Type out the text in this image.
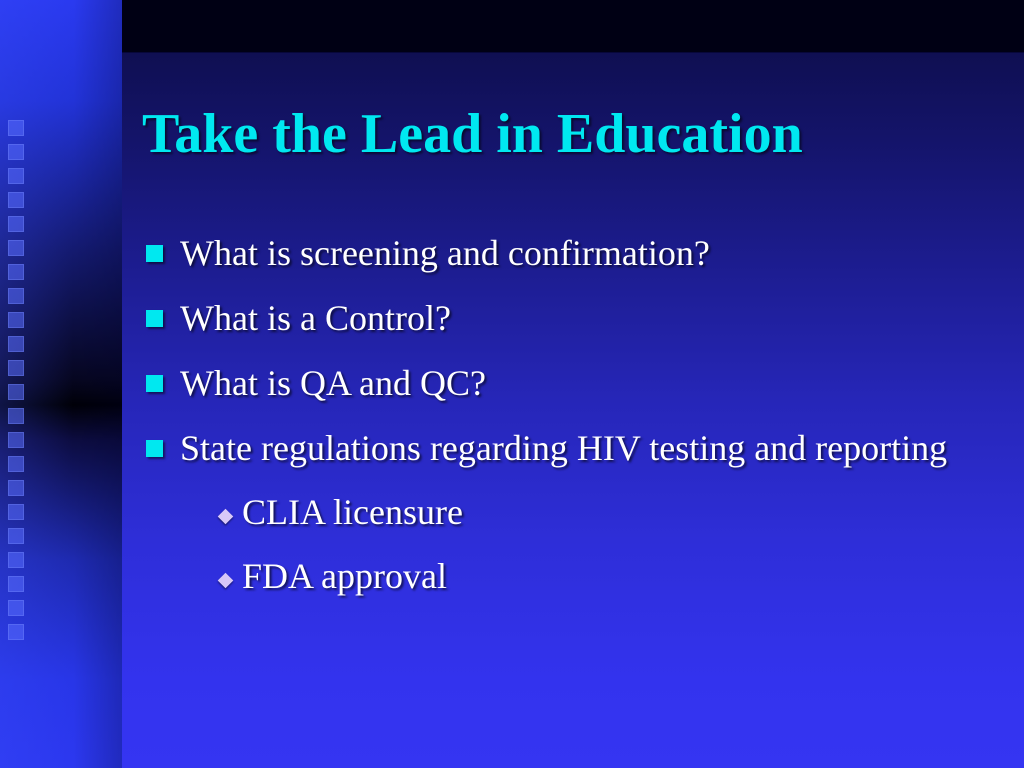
Take the Lead in Education
What is screening and confirmation?
What is a Control?
What is QA and QC?
State regulations regarding HIV testing and reporting
CLIA licensure
FDA approval
